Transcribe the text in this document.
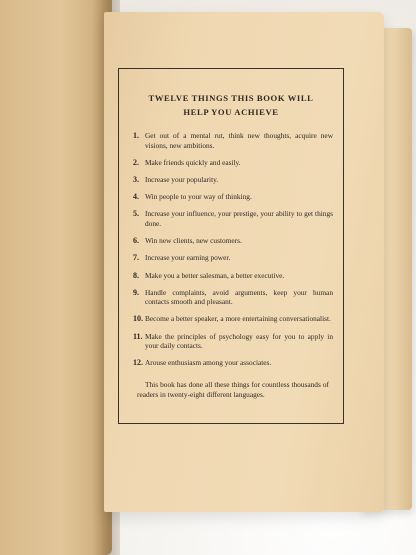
TWELVE THINGS THIS BOOK WILL
HELP YOU ACHIEVE
1. Get out of a mental rut, think new thoughts, acquire new visions, new ambitions.
2. Make friends quickly and easily.
3. Increase your popularity.
4. Win people to your way of thinking.
5. Increase your influence, your prestige, your ability to get things done.
6. Win new clients, new customers.
7. Increase your earning power.
8. Make you a better salesman, a better executive.
9. Handle complaints, avoid arguments, keep your human contacts smooth and pleasant.
10. Become a better speaker, a more entertaining conversationalist.
11. Make the principles of psychology easy for you to apply in your daily contacts.
12. Arouse enthusiasm among your associates.

This book has done all these things for countless thousands of readers in twenty-eight different languages.
